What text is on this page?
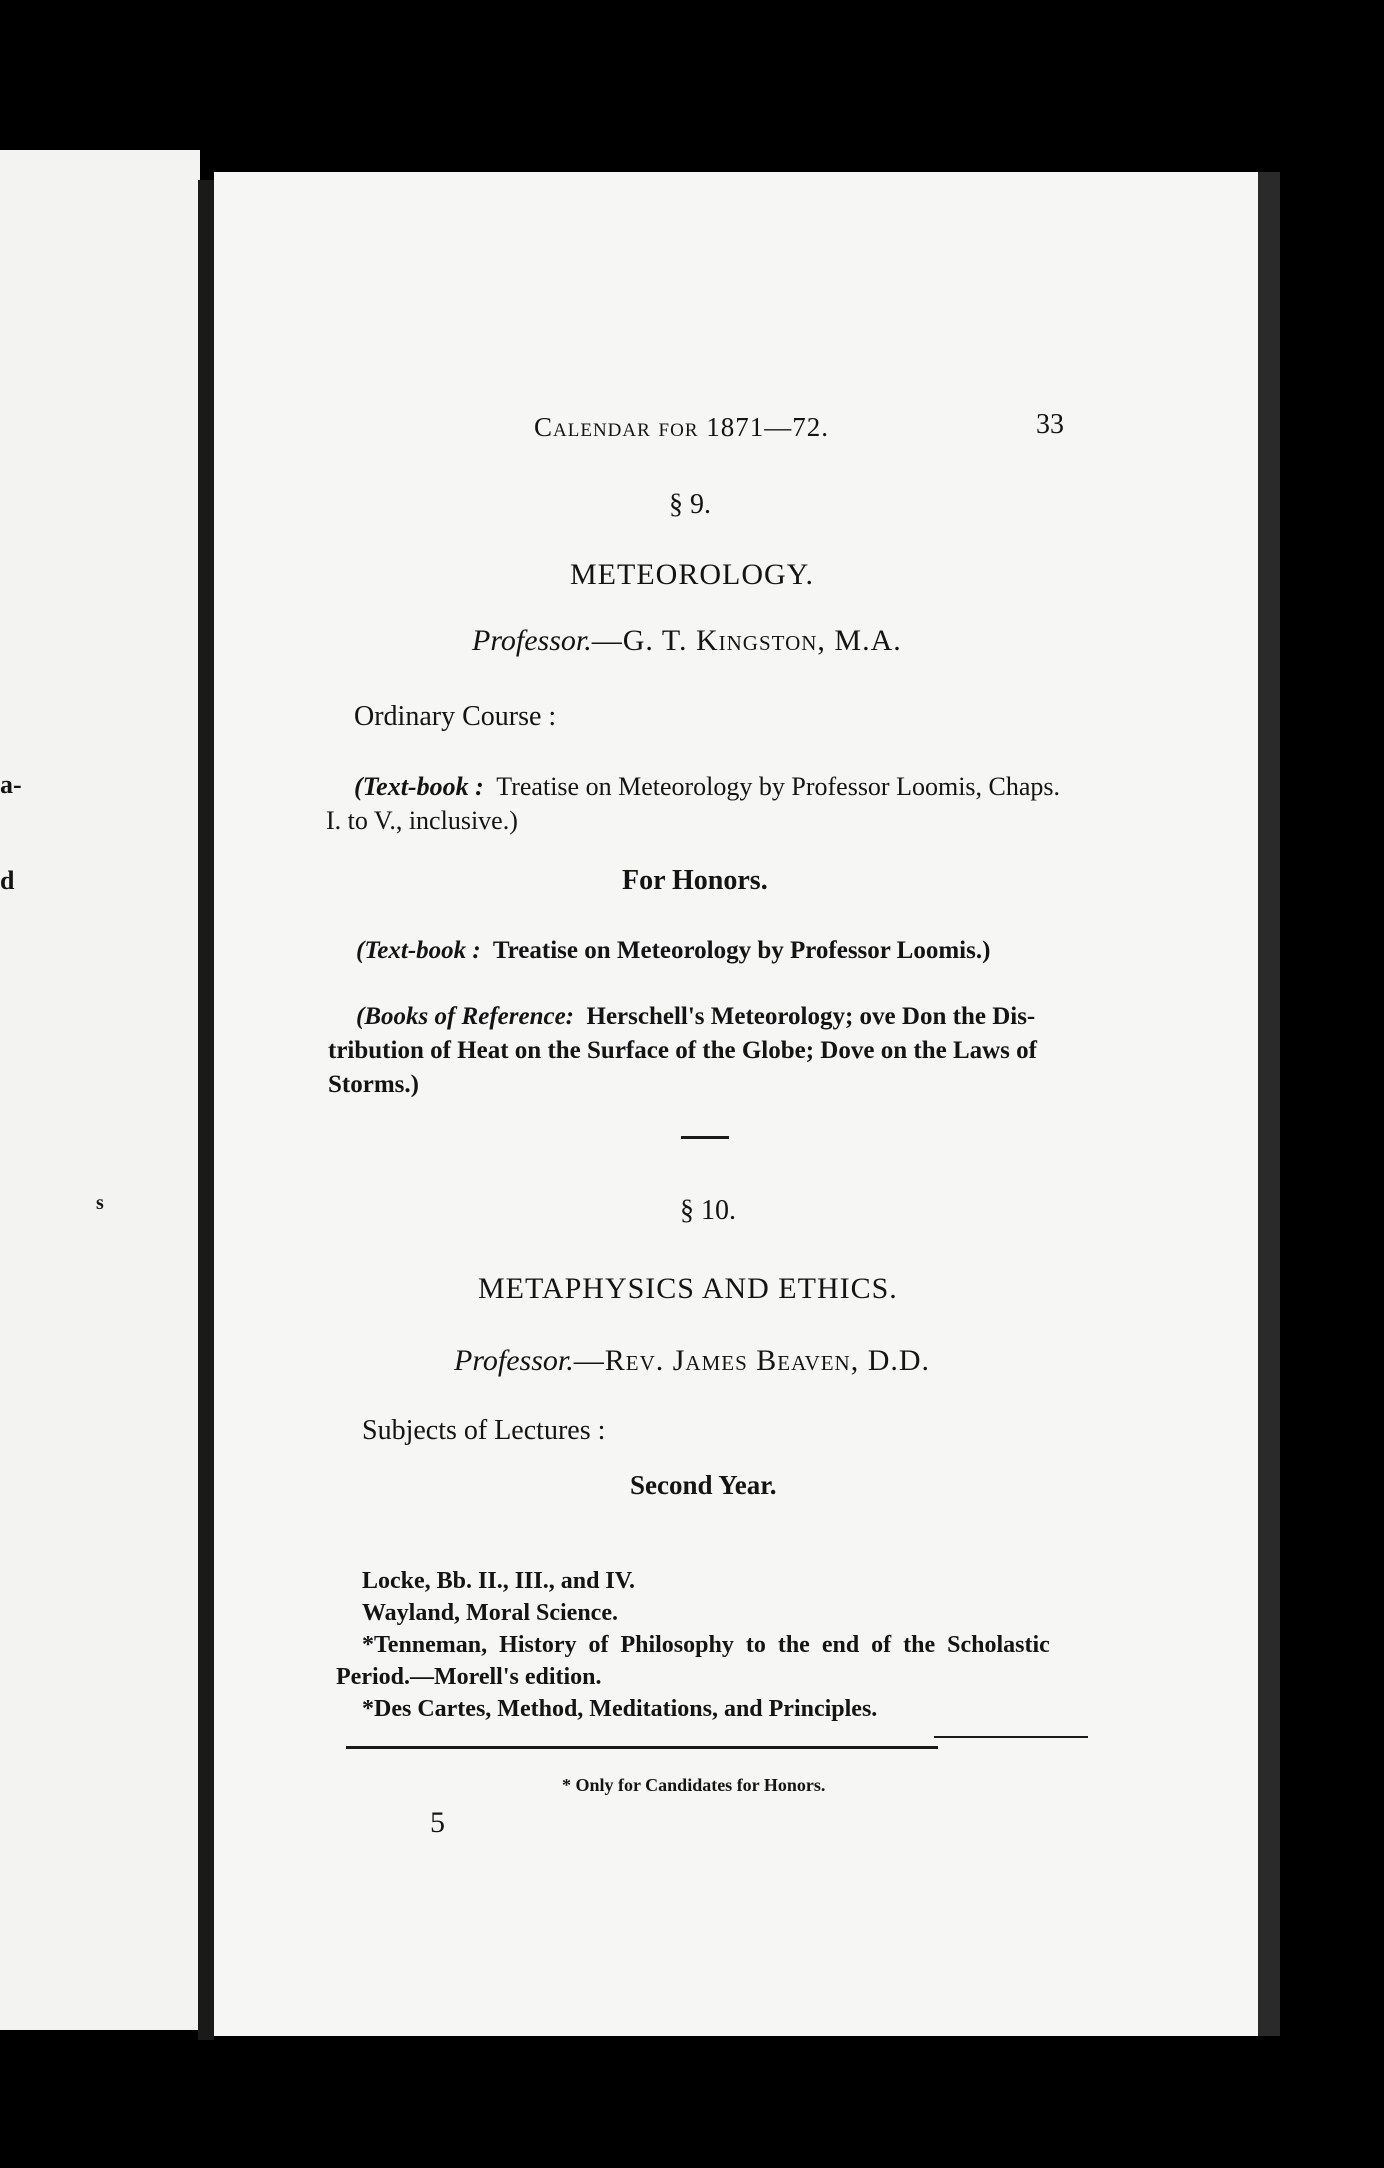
a-
d
s
Calendar for 1871—72.	33
§ 9.
METEOROLOGY.
Professor.—G. T. Kingston, M.A.
Ordinary Course :
(Text-book : Treatise on Meteorology by Professor Loomis, Chaps.
I. to V., inclusive.)
For Honors.
(Text-book : Treatise on Meteorology by Professor Loomis.)
(Books of Reference: Herschell's Meteorology; ove Don the Dis-
tribution of Heat on the Surface of the Globe; Dove on the Laws of
Storms.)
§ 10.
METAPHYSICS AND ETHICS.
Professor.—Rev. James Beaven, D.D.
Subjects of Lectures :
Second Year.
Locke, Bb. II., III., and IV.
Wayland, Moral Science.
*Tenneman, History of Philosophy to the end of the Scholastic
Period.—Morell's edition.
*Des Cartes, Method, Meditations, and Principles.
* Only for Candidates for Honors.
5
